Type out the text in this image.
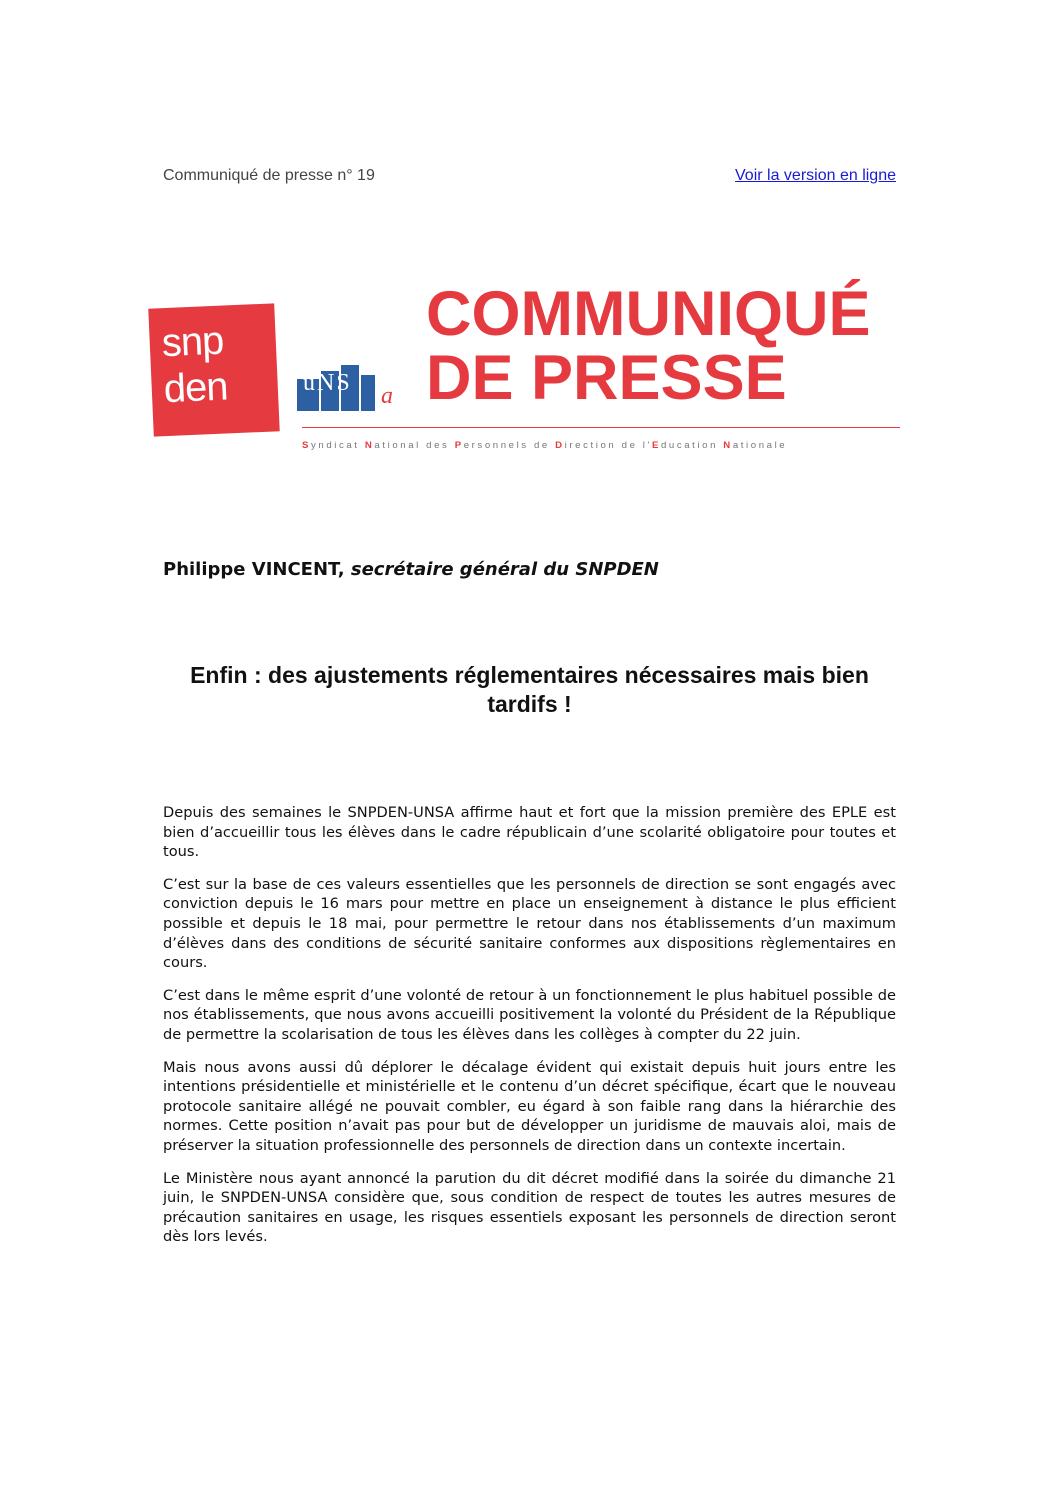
Communiqué de presse n° 19	Voir la version en ligne
snp
den	uNS a
COMMUNIQUÉ
DE PRESSE
Syndicat National des Personnels de Direction de l'Education Nationale
Philippe VINCENT, secrétaire général du SNPDEN
Enfin : des ajustements réglementaires nécessaires mais bien tardifs !

Depuis des semaines le SNPDEN-UNSA affirme haut et fort que la mission première des EPLE est bien d’accueillir tous les élèves dans le cadre républicain d’une scolarité obligatoire pour toutes et tous.

C’est sur la base de ces valeurs essentielles que les personnels de direction se sont engagés avec conviction depuis le 16 mars pour mettre en place un enseignement à distance le plus efficient possible et depuis le 18 mai, pour permettre le retour dans nos établissements d’un maximum d’élèves dans des conditions de sécurité sanitaire conformes aux dispositions règlementaires en cours.

C’est dans le même esprit d’une volonté de retour à un fonctionnement le plus habituel possible de nos établissements, que nous avons accueilli positivement la volonté du Président de la République de permettre la scolarisation de tous les élèves dans les collèges à compter du 22 juin.

Mais nous avons aussi dû déplorer le décalage évident qui existait depuis huit jours entre les intentions présidentielle et ministérielle et le contenu d’un décret spécifique, écart que le nouveau protocole sanitaire allégé ne pouvait combler, eu égard à son faible rang dans la hiérarchie des normes. Cette position n’avait pas pour but de développer un juridisme de mauvais aloi, mais de préserver la situation professionnelle des personnels de direction dans un contexte incertain.

Le Ministère nous ayant annoncé la parution du dit décret modifié dans la soirée du dimanche 21 juin, le SNPDEN-UNSA considère que, sous condition de respect de toutes les autres mesures de précaution sanitaires en usage, les risques essentiels exposant les personnels de direction seront dès lors levés.
